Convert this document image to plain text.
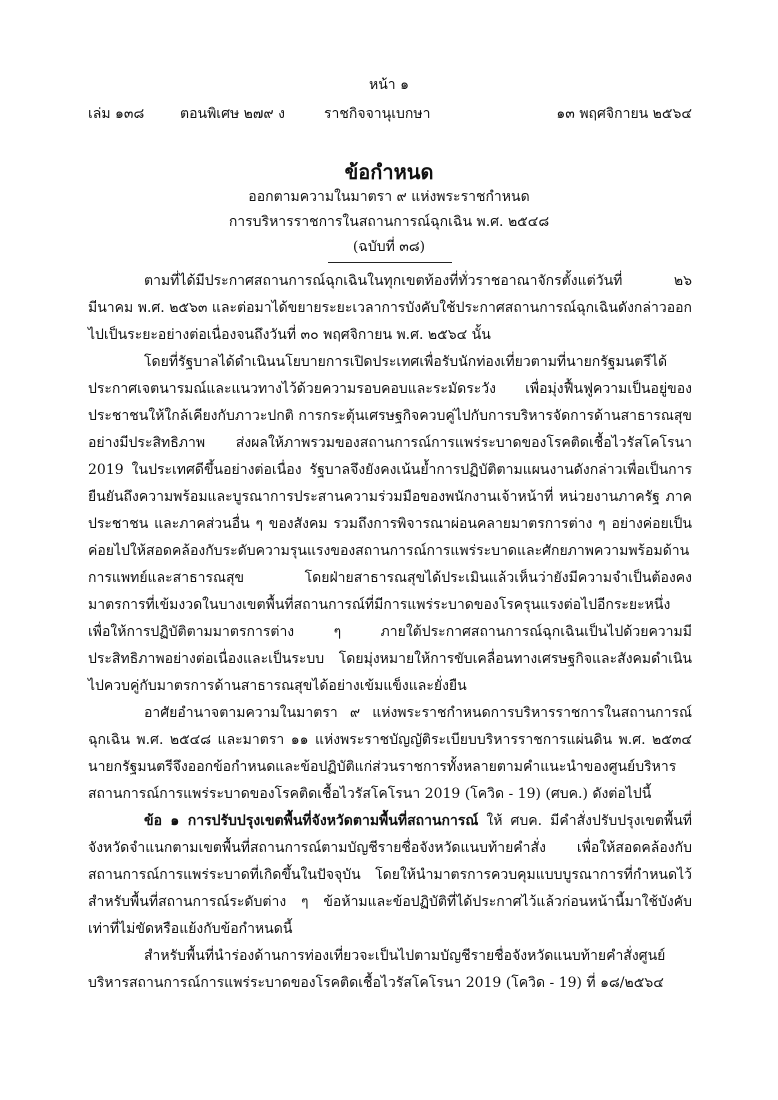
หน้า ๑
เล่ม ๑๓๘	ตอนพิเศษ ๒๗๙ ง	ราชกิจจานุเบกษา	๑๓ พฤศจิกายน ๒๕๖๔
ข้อกำหนด
ออกตามความในมาตรา ๙ แห่งพระราชกำหนด
การบริหารราชการในสถานการณ์ฉุกเฉิน พ.ศ. ๒๕๔๘
(ฉบับที่ ๓๘)

ตามที่ได้มีประกาศสถานการณ์ฉุกเฉินในทุกเขตท้องที่ทั่วราชอาณาจักรตั้งแต่วันที่ ๒๖ มีนาคม พ.ศ. ๒๕๖๓ และต่อมาได้ขยายระยะเวลาการบังคับใช้ประกาศสถานการณ์ฉุกเฉินดังกล่าวออกไปเป็นระยะอย่างต่อเนื่องจนถึงวันที่ ๓๐ พฤศจิกายน พ.ศ. ๒๕๖๔ นั้น

โดยที่รัฐบาลได้ดำเนินนโยบายการเปิดประเทศเพื่อรับนักท่องเที่ยวตามที่นายกรัฐมนตรีได้ประกาศเจตนารมณ์และแนวทางไว้ด้วยความรอบคอบและระมัดระวัง เพื่อมุ่งฟื้นฟูความเป็นอยู่ของประชาชนให้ใกล้เคียงกับภาวะปกติ การกระตุ้นเศรษฐกิจควบคู่ไปกับการบริหารจัดการด้านสาธารณสุขอย่างมีประสิทธิภาพ ส่งผลให้ภาพรวมของสถานการณ์การแพร่ระบาดของโรคติดเชื้อไวรัสโคโรนา 2019 ในประเทศดีขึ้นอย่างต่อเนื่อง รัฐบาลจึงยังคงเน้นย้ำการปฏิบัติตามแผนงานดังกล่าวเพื่อเป็นการยืนยันถึงความพร้อมและบูรณาการประสานความร่วมมือของพนักงานเจ้าหน้าที่ หน่วยงานภาครัฐ ภาคประชาชน และภาคส่วนอื่น ๆ ของสังคม รวมถึงการพิจารณาผ่อนคลายมาตรการต่าง ๆ อย่างค่อยเป็นค่อยไปให้สอดคล้องกับระดับความรุนแรงของสถานการณ์การแพร่ระบาดและศักยภาพความพร้อมด้านการแพทย์และสาธารณสุข โดยฝ่ายสาธารณสุขได้ประเมินแล้วเห็นว่ายังมีความจำเป็นต้องคงมาตรการที่เข้มงวดในบางเขตพื้นที่สถานการณ์ที่มีการแพร่ระบาดของโรครุนแรงต่อไปอีกระยะหนึ่ง เพื่อให้การปฏิบัติตามมาตรการต่าง ๆ ภายใต้ประกาศสถานการณ์ฉุกเฉินเป็นไปด้วยความมีประสิทธิภาพอย่างต่อเนื่องและเป็นระบบ โดยมุ่งหมายให้การขับเคลื่อนทางเศรษฐกิจและสังคมดำเนินไปควบคู่กับมาตรการด้านสาธารณสุขได้อย่างเข้มแข็งและยั่งยืน

อาศัยอำนาจตามความในมาตรา ๙ แห่งพระราชกำหนดการบริหารราชการในสถานการณ์ฉุกเฉิน พ.ศ. ๒๕๔๘ และมาตรา ๑๑ แห่งพระราชบัญญัติระเบียบบริหารราชการแผ่นดิน พ.ศ. ๒๕๓๔ นายกรัฐมนตรีจึงออกข้อกำหนดและข้อปฏิบัติแก่ส่วนราชการทั้งหลายตามคำแนะนำของศูนย์บริหารสถานการณ์การแพร่ระบาดของโรคติดเชื้อไวรัสโคโรนา 2019 (โควิด - 19) (ศบค.) ดังต่อไปนี้

ข้อ ๑ การปรับปรุงเขตพื้นที่จังหวัดตามพื้นที่สถานการณ์ ให้ ศบค. มีคำสั่งปรับปรุงเขตพื้นที่จังหวัดจำแนกตามเขตพื้นที่สถานการณ์ตามบัญชีรายชื่อจังหวัดแนบท้ายคำสั่ง เพื่อให้สอดคล้องกับสถานการณ์การแพร่ระบาดที่เกิดขึ้นในปัจจุบัน โดยให้นำมาตรการควบคุมแบบบูรณาการที่กำหนดไว้สำหรับพื้นที่สถานการณ์ระดับต่าง ๆ ข้อห้ามและข้อปฏิบัติที่ได้ประกาศไว้แล้วก่อนหน้านี้มาใช้บังคับ เท่าที่ไม่ขัดหรือแย้งกับข้อกำหนดนี้

สำหรับพื้นที่นำร่องด้านการท่องเที่ยวจะเป็นไปตามบัญชีรายชื่อจังหวัดแนบท้ายคำสั่งศูนย์บริหารสถานการณ์การแพร่ระบาดของโรคติดเชื้อไวรัสโคโรนา 2019 (โควิด - 19) ที่ ๑๘/๒๕๖๔
